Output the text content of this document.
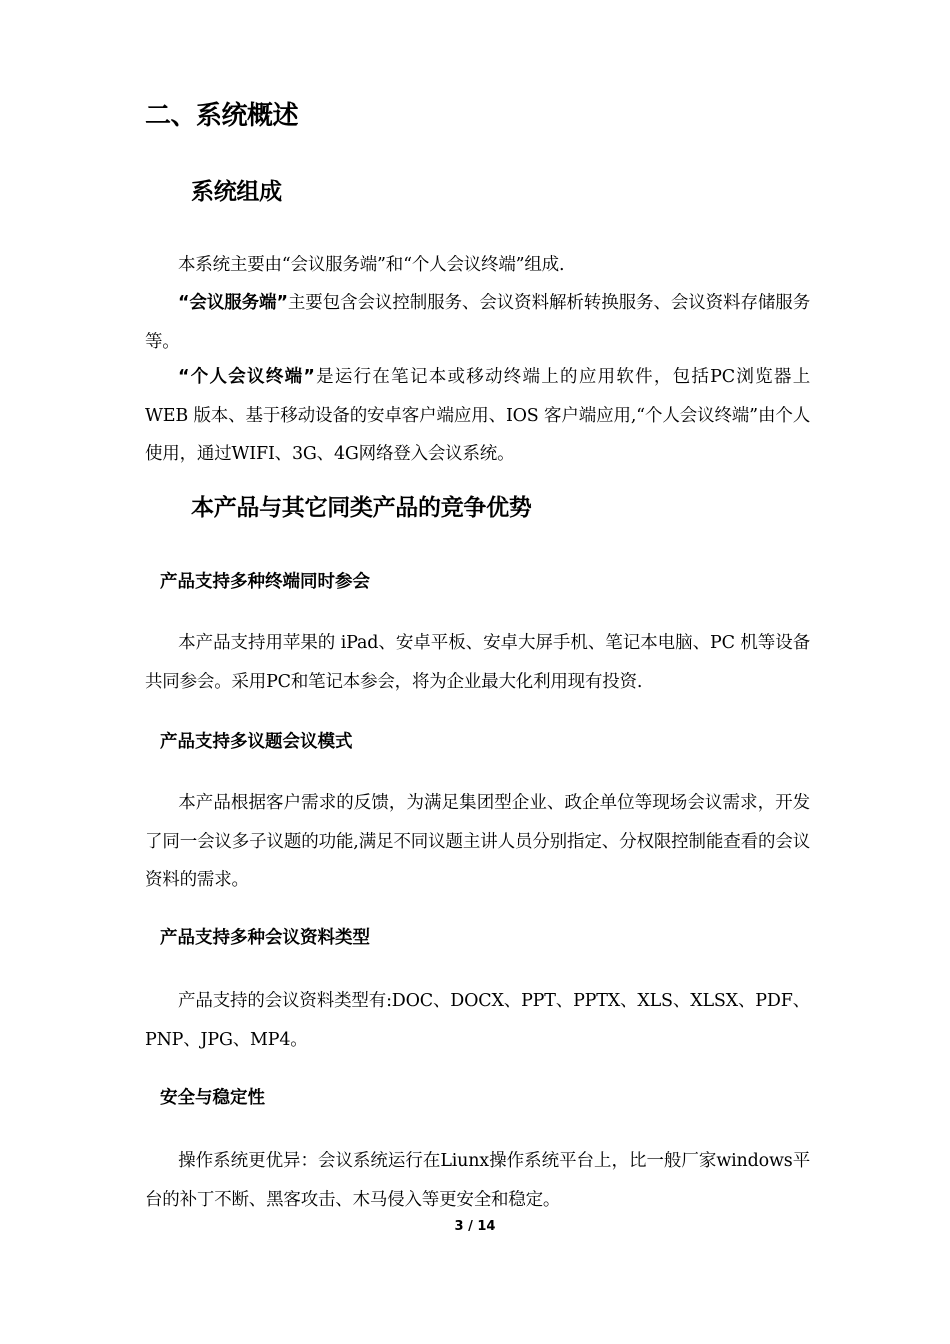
二、系统概述
系统组成
本系统主要由“会议服务端”和“个人会议终端”组成.
“会议服务端”主要包含会议控制服务、会议资料解析转换服务、会议资料存储服务等。
“个人会议终端”是运行在笔记本或移动终端上的应用软件，包括PC浏览器上 WEB 版本、基于移动设备的安卓客户端应用、IOS 客户端应用,“个人会议终端”由个人使用，通过WIFI、3G、4G网络登入会议系统。
本产品与其它同类产品的竞争优势
产品支持多种终端同时参会
本产品支持用苹果的 iPad、安卓平板、安卓大屏手机、笔记本电脑、PC 机等设备共同参会。采用PC和笔记本参会，将为企业最大化利用现有投资.
产品支持多议题会议模式
本产品根据客户需求的反馈，为满足集团型企业、政企单位等现场会议需求，开发了同一会议多子议题的功能,满足不同议题主讲人员分别指定、分权限控制能查看的会议资料的需求。
产品支持多种会议资料类型
产品支持的会议资料类型有:DOC、DOCX、PPT、PPTX、XLS、XLSX、PDF、PNP、JPG、MP4。
安全与稳定性
操作系统更优异：会议系统运行在Liunx操作系统平台上，比一般厂家windows平台的补丁不断、黑客攻击、木马侵入等更安全和稳定。
3 / 14
